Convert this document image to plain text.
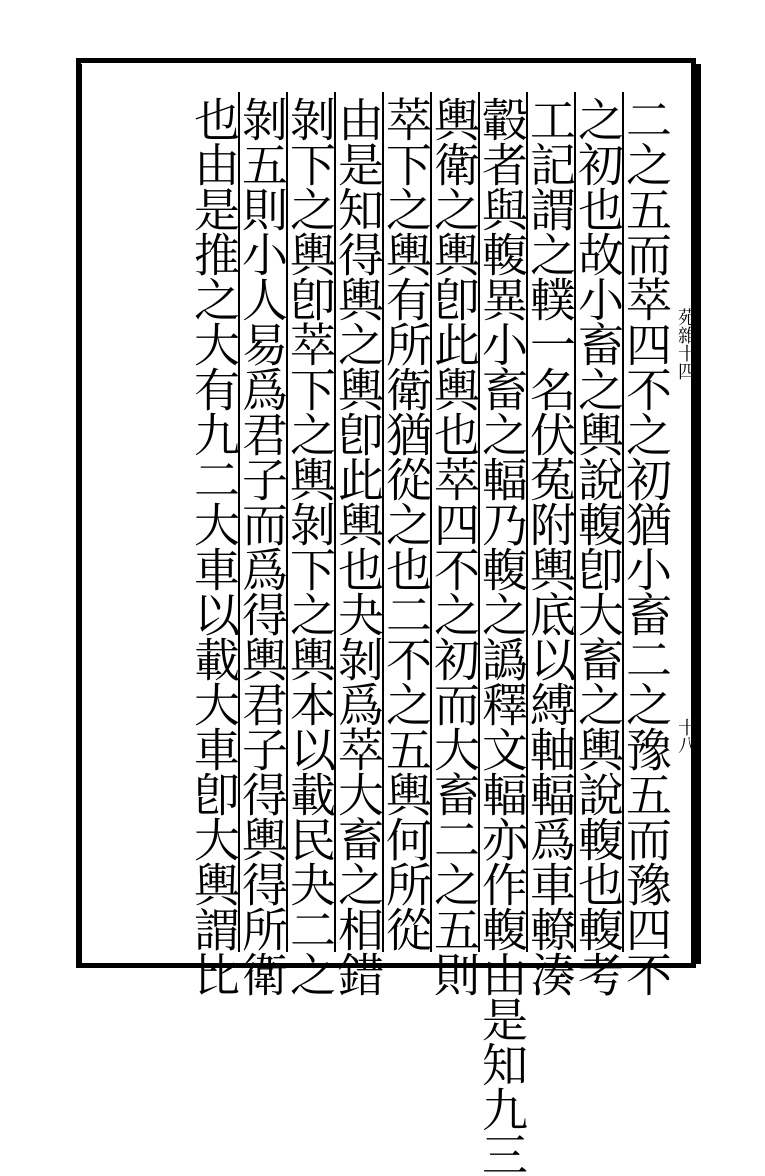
苑雜十四
十八
二之五而萃四不之初猶小畜二之豫五而豫四不
之初也故小畜之輿說輹卽大畜之輿說輹也輹考
工記謂之轐一名伏菟附輿底以縛軸輻爲車轑湊
轂者與輹異小畜之輻乃輹之譌釋文輻亦作輹由是知九三
輿衛之輿卽此輿也萃四不之初而大畜二之五則
萃下之輿有所衛猶從之也二不之五輿何所從
由是知得輿之輿卽此輿也夬剝爲萃大畜之相錯
剝下之輿卽萃下之輿剝下之輿本以載民夬二之
剝五則小人易爲君子而爲得輿君子得輿得所衛
也由是推之大有九二大車以載大車卽大輿謂比
